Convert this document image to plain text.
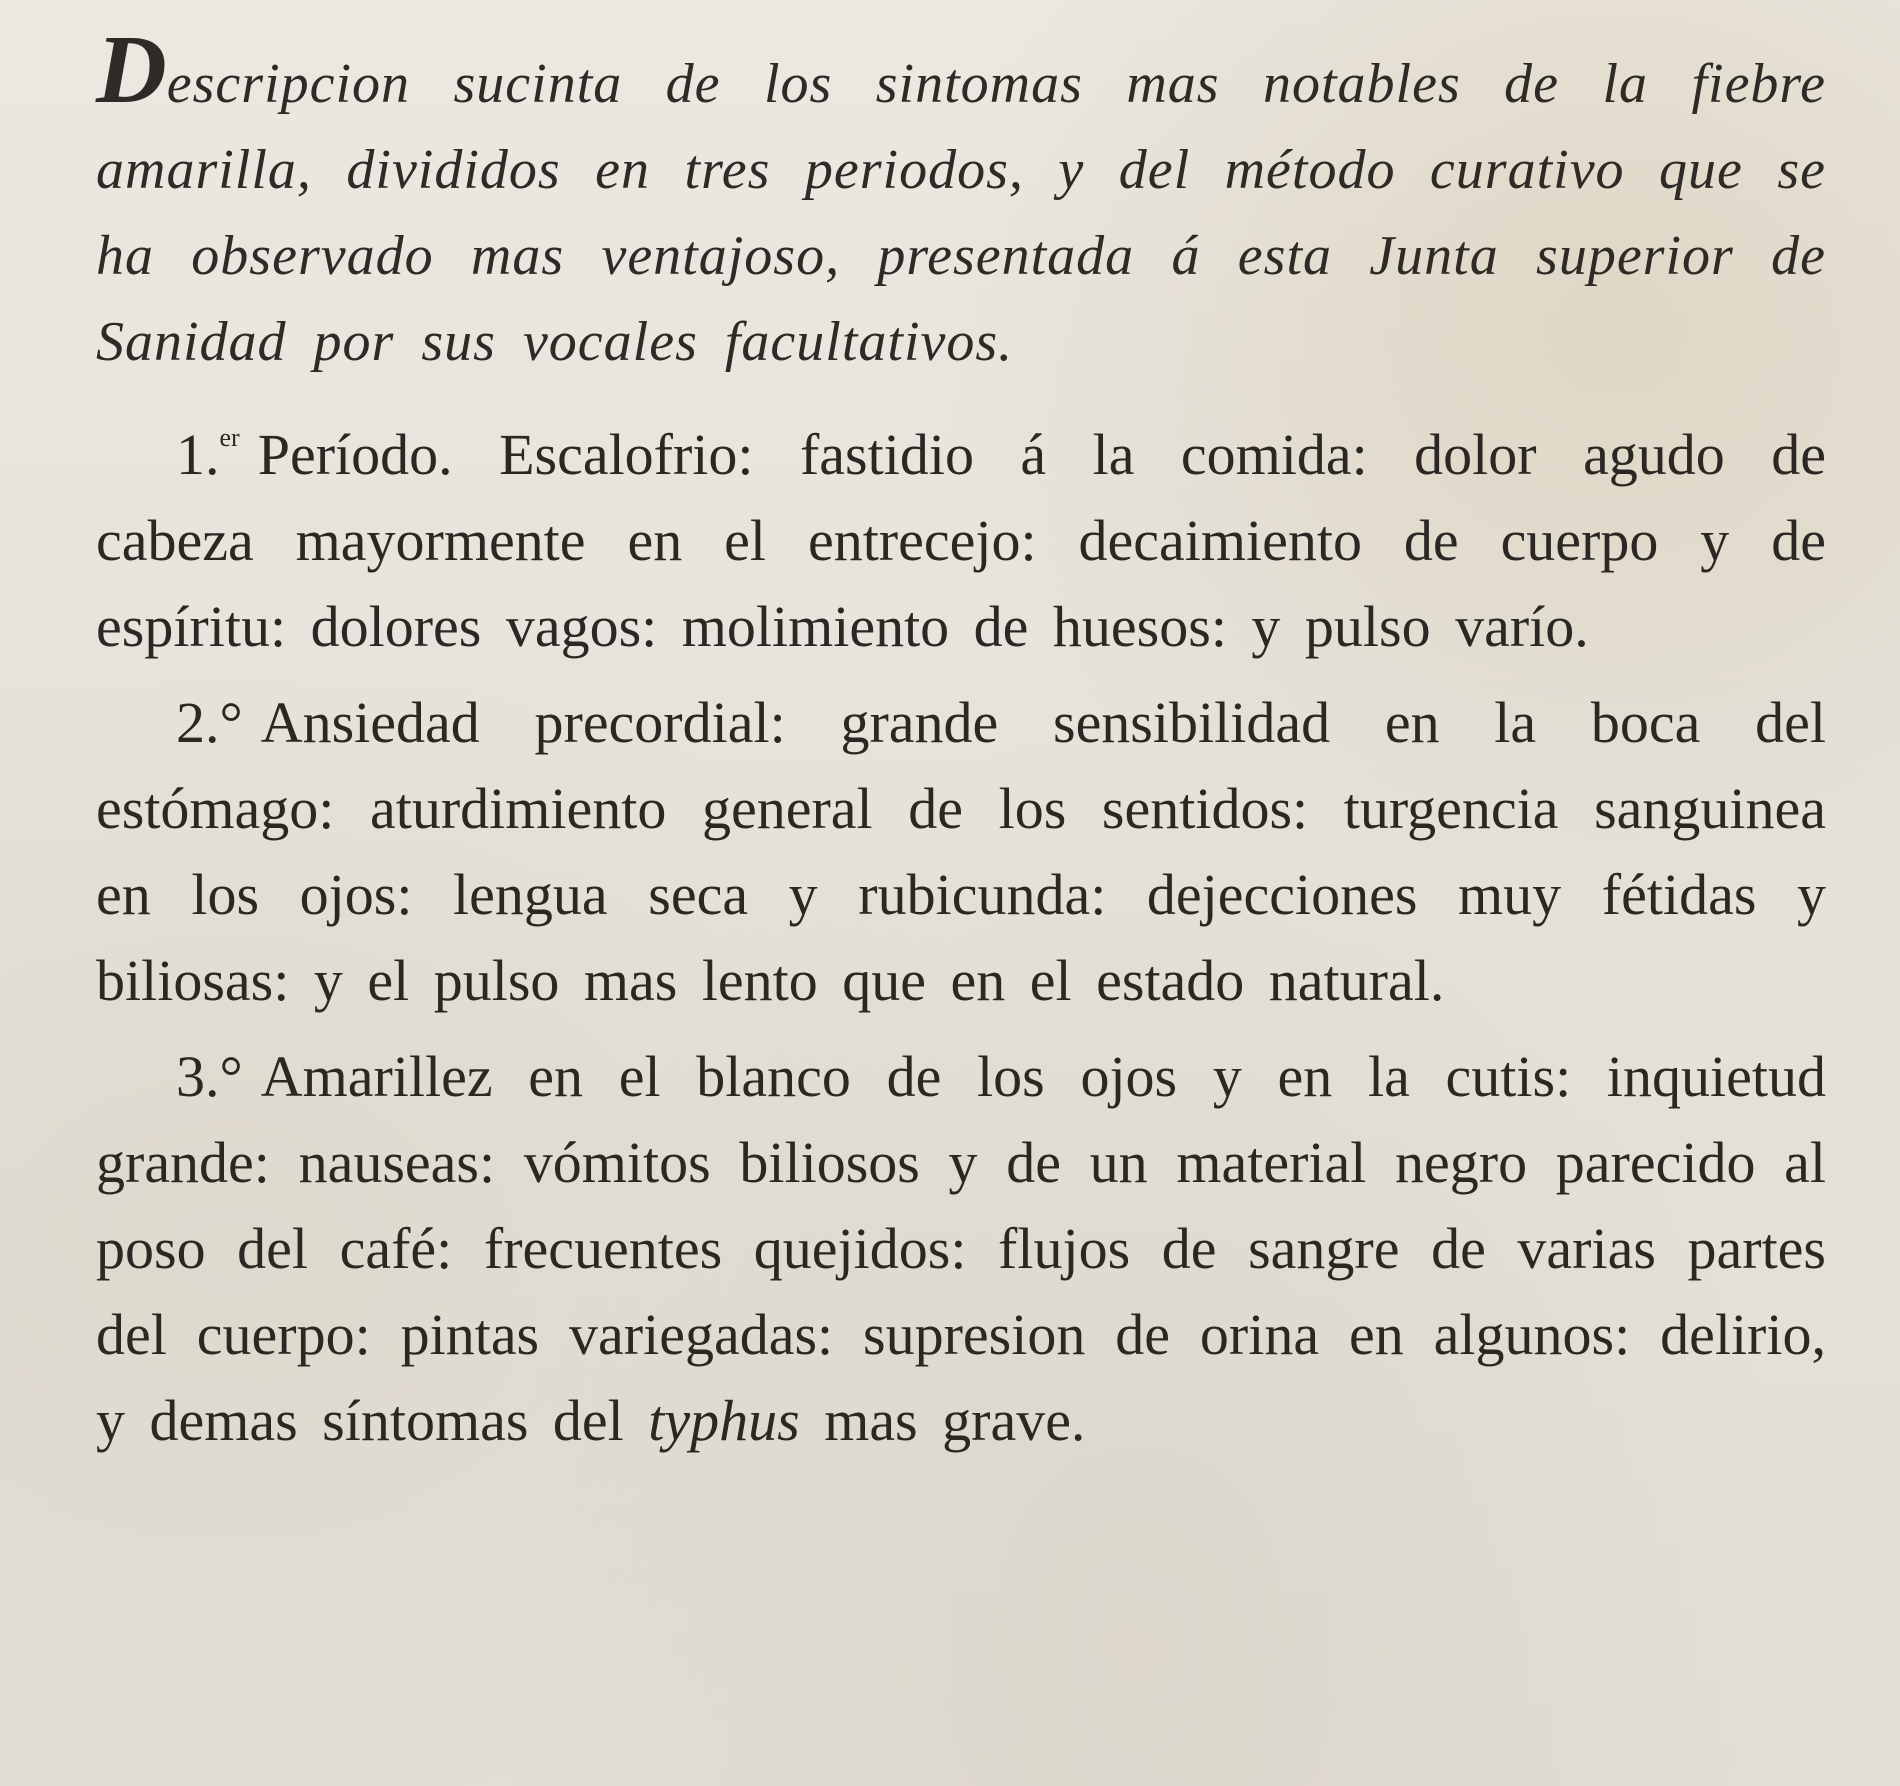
Descripcion sucinta de los sintomas mas notables de la fiebre amarilla, divididos en tres periodos, y del método curativo que se ha observado mas ventajoso, presentada á esta Junta superior de Sanidad por sus vocales facultativos.

1.$^{er}$ Período. Escalofrio: fastidio á la comida: dolor agudo de cabeza mayormente en el entrecejo: decaimiento de cuerpo y de espíritu: dolores vagos: molimiento de huesos: y pulso varío.

2.° Ansiedad precordial: grande sensibilidad en la boca del estómago: aturdimiento general de los sentidos: turgencia sanguinea en los ojos: lengua seca y rubicunda: dejecciones muy fétidas y biliosas: y el pulso mas lento que en el estado natural.

3.° Amarillez en el blanco de los ojos y en la cutis: inquietud grande: nauseas: vómitos biliosos y de un material negro parecido al poso del café: frecuentes quejidos: flujos de sangre de varias partes del cuerpo: pintas variegadas: supresion de orina en algunos: delirio, y demas síntomas del typhus mas grave.
